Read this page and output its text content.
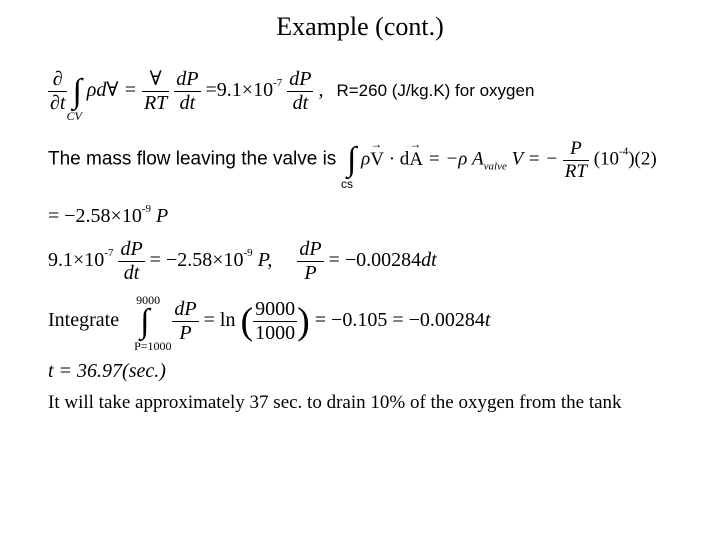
Example (cont.)
$\frac{\partial}{\partial t}$ ∫
CV
ρd∀ = $\frac{\forall}{RT}$
$\frac{dP}{dt} =9.1\times 10^{-7} \frac{dP}{dt}$ , R=260 (J/kg.K) for oxygen
The mass flow leaving the valve is ∫
cs
ρ→ V · d→ A = −ρ $A_{valve}$ V = − $\frac{P}{RT} (10^{-4})(2)$
= $-2.58\times 10^{-9}$ P
$9.1\times 10^{-7} \frac{dP}{dt} = -2.58\times 10^{-9}$ P, $\frac{dP}{P} = -0.00284dt$
Integrate
9000
∫
P=1000

$\frac{dP}{P} = \ln$ ( $\frac{9000}{1000}$ ) = −0.105 = −0.00284t
t = 36.97(sec.)
It will take approximately 37 sec. to drain 10% of the oxygen from the tank
